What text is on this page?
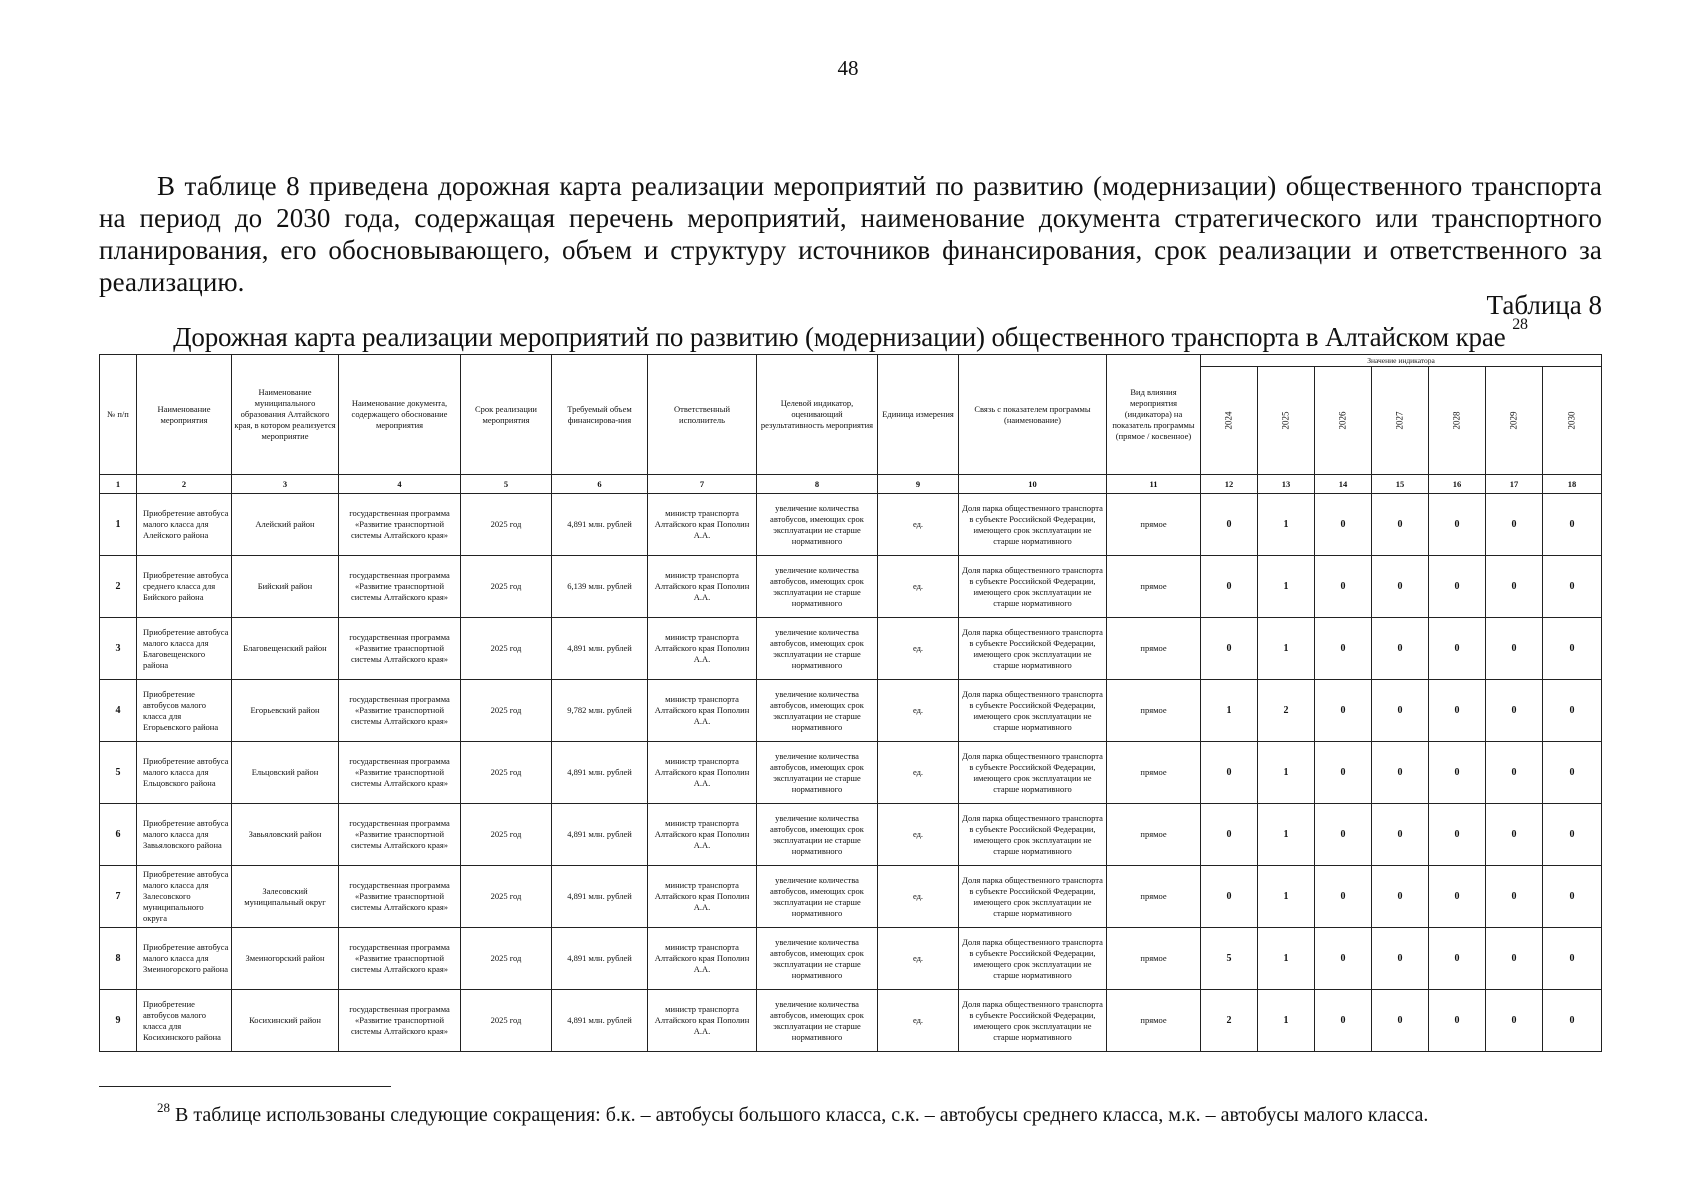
48
В таблице 8 приведена дорожная карта реализации мероприятий по развитию (модернизации) общественного транспорта на период до 2030 года, содержащая перечень мероприятий, наименование документа стратегического или транспортного планирования, его обосновывающего, объем и структуру источников финансирования, срок реализации и ответственного за реализацию.
Таблица 8
Дорожная карта реализации мероприятий по развитию (модернизации) общественного транспорта в Алтайском крае $^{28}$
№ п/п	Наименование мероприятия	Наименование муниципального образования Алтайского края, в котором реализуется мероприятие	Наименование документа, содержащего обоснование мероприятия	Срок реализации мероприятия	Требуемый объем финансирова-ния	Ответственный исполнитель	Целевой индикатор, оценивающий результативность мероприятия	Единица измерения	Связь с показателем программы (наименование)	Вид влияния мероприятия (индикатора) на показатель программы (прямое / косвенное)	Значение индикатора						
											2024	2025	2026	2027	2028	2029	2030
1	2	3	4	5	6	7	8	9	10	11	12	13	14	15	16	17	18
1	Приобретение автобуса малого класса для Алейского района	Алейский район	государственная программа «Развитие транспортной системы Алтайского края»	2025 год	4,891 млн. рублей	министр транспорта Алтайского края Пополин А.А.	увеличение количества автобусов, имеющих срок эксплуатации не старше нормативного	ед.	Доля парка общественного транспорта в субъекте Российской Федерации, имеющего срок эксплуатации не старше нормативного	прямое	0	1	0	0	0	0	0
2	Приобретение автобуса среднего класса для Бийского района	Бийский район	государственная программа «Развитие транспортной системы Алтайского края»	2025 год	6,139 млн. рублей	министр транспорта Алтайского края Пополин А.А.	увеличение количества автобусов, имеющих срок эксплуатации не старше нормативного	ед.	Доля парка общественного транспорта в субъекте Российской Федерации, имеющего срок эксплуатации не старше нормативного	прямое	0	1	0	0	0	0	0
3	Приобретение автобуса малого класса для Благовещенского района	Благовещенский район	государственная программа «Развитие транспортной системы Алтайского края»	2025 год	4,891 млн. рублей	министр транспорта Алтайского края Пополин А.А.	увеличение количества автобусов, имеющих срок эксплуатации не старше нормативного	ед.	Доля парка общественного транспорта в субъекте Российской Федерации, имеющего срок эксплуатации не старше нормативного	прямое	0	1	0	0	0	0	0
4	Приобретение автобусов малого класса для Егорьевского района	Егорьевский район	государственная программа «Развитие транспортной системы Алтайского края»	2025 год	9,782 млн. рублей	министр транспорта Алтайского края Пополин А.А.	увеличение количества автобусов, имеющих срок эксплуатации не старше нормативного	ед.	Доля парка общественного транспорта в субъекте Российской Федерации, имеющего срок эксплуатации не старше нормативного	прямое	1	2	0	0	0	0	0
5	Приобретение автобуса малого класса для Ельцовского района	Ельцовский район	государственная программа «Развитие транспортной системы Алтайского края»	2025 год	4,891 млн. рублей	министр транспорта Алтайского края Пополин А.А.	увеличение количества автобусов, имеющих срок эксплуатации не старше нормативного	ед.	Доля парка общественного транспорта в субъекте Российской Федерации, имеющего срок эксплуатации не старше нормативного	прямое	0	1	0	0	0	0	0
6	Приобретение автобуса малого класса для Завьяловского района	Завьяловский район	государственная программа «Развитие транспортной системы Алтайского края»	2025 год	4,891 млн. рублей	министр транспорта Алтайского края Пополин А.А.	увеличение количества автобусов, имеющих срок эксплуатации не старше нормативного	ед.	Доля парка общественного транспорта в субъекте Российской Федерации, имеющего срок эксплуатации не старше нормативного	прямое	0	1	0	0	0	0	0
7	Приобретение автобуса малого класса для Залесовского муниципального округа	Залесовский муниципальный округ	государственная программа «Развитие транспортной системы Алтайского края»	2025 год	4,891 млн. рублей	министр транспорта Алтайского края Пополин А.А.	увеличение количества автобусов, имеющих срок эксплуатации не старше нормативного	ед.	Доля парка общественного транспорта в субъекте Российской Федерации, имеющего срок эксплуатации не старше нормативного	прямое	0	1	0	0	0	0	0
8	Приобретение автобуса малого класса для Змеиногорского района	Змеиногорский район	государственная программа «Развитие транспортной системы Алтайского края»	2025 год	4,891 млн. рублей	министр транспорта Алтайского края Пополин А.А.	увеличение количества автобусов, имеющих срок эксплуатации не старше нормативного	ед.	Доля парка общественного транспорта в субъекте Российской Федерации, имеющего срок эксплуатации не старше нормативного	прямое	5	1	0	0	0	0	0
9	Приобретение автобусов малого класса для Косихинского района	Косихинский район	государственная программа «Развитие транспортной системы Алтайского края»	2025 год	4,891 млн. рублей	министр транспорта Алтайского края Пополин А.А.	увеличение количества автобусов, имеющих срок эксплуатации не старше нормативного	ед.	Доля парка общественного транспорта в субъекте Российской Федерации, имеющего срок эксплуатации не старше нормативного	прямое	2	1	0	0	0	0	0
$^{28}$ В таблице использованы следующие сокращения: б.к. – автобусы большого класса, с.к. – автобусы среднего класса, м.к. – автобусы малого класса.
